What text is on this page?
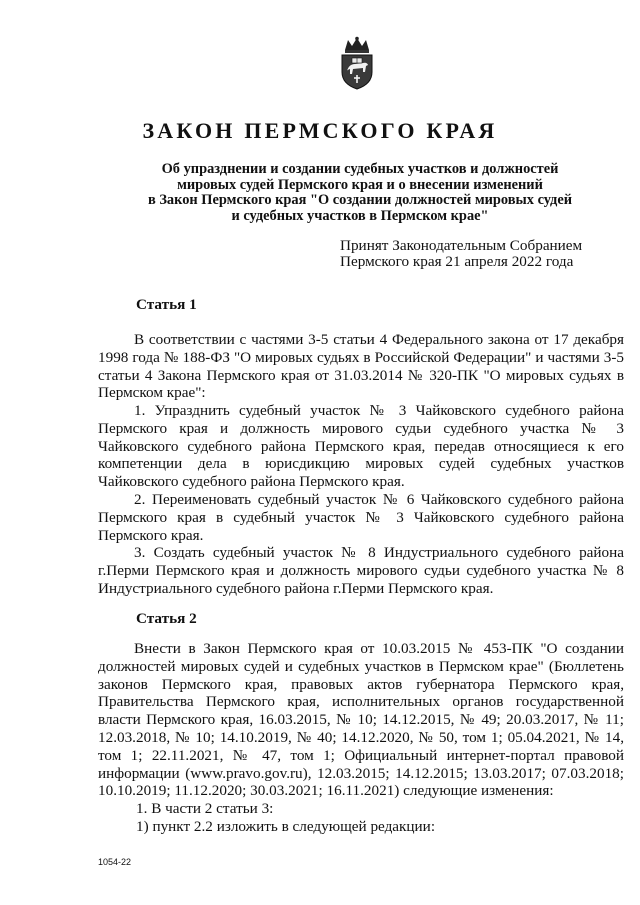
ЗАКОН ПЕРМСКОГО КРАЯ
Об упразднении и создании судебных участков и должностей
мировых судей Пермского края и о внесении изменений
в Закон Пермского края "О создании должностей мировых судей
и судебных участков в Пермском крае"
Принят Законодательным Собранием
Пермского края 21 апреля 2022 года
Статья 1
В соответствии с частями 3-5 статьи 4 Федерального закона от 17 декабря 1998 года № 188-ФЗ "О мировых судьях в Российской Федерации" и частями 3-5 статьи 4 Закона Пермского края от 31.03.2014 № 320-ПК "О мировых судьях в Пермском крае":
1. Упразднить судебный участок № 3 Чайковского судебного района Пермского края и должность мирового судьи судебного участка № 3 Чайковского судебного района Пермского края, передав относящиеся к его компетенции дела в юрисдикцию мировых судей судебных участков Чайковского судебного района Пермского края.
2. Переименовать судебный участок № 6 Чайковского судебного района Пермского края в судебный участок № 3 Чайковского судебного района Пермского края.
3. Создать судебный участок № 8 Индустриального судебного района г.Перми Пермского края и должность мирового судьи судебного участка № 8 Индустриального судебного района г.Перми Пермского края.
Статья 2
Внести в Закон Пермского края от 10.03.2015 № 453-ПК "О создании должностей мировых судей и судебных участков в Пермском крае" (Бюллетень законов Пермского края, правовых актов губернатора Пермского края, Правительства Пермского края, исполнительных органов государственной власти Пермского края, 16.03.2015, № 10; 14.12.2015, № 49; 20.03.2017, № 11; 12.03.2018, № 10; 14.10.2019, № 40; 14.12.2020, № 50, том 1; 05.04.2021, № 14, том 1; 22.11.2021, № 47, том 1; Официальный интернет-портал правовой информации (www.pravo.gov.ru), 12.03.2015; 14.12.2015; 13.03.2017; 07.03.2018; 10.10.2019; 11.12.2020; 30.03.2021; 16.11.2021) следующие изменения:
1. В части 2 статьи 3:
1) пункт 2.2 изложить в следующей редакции:
1054-22
